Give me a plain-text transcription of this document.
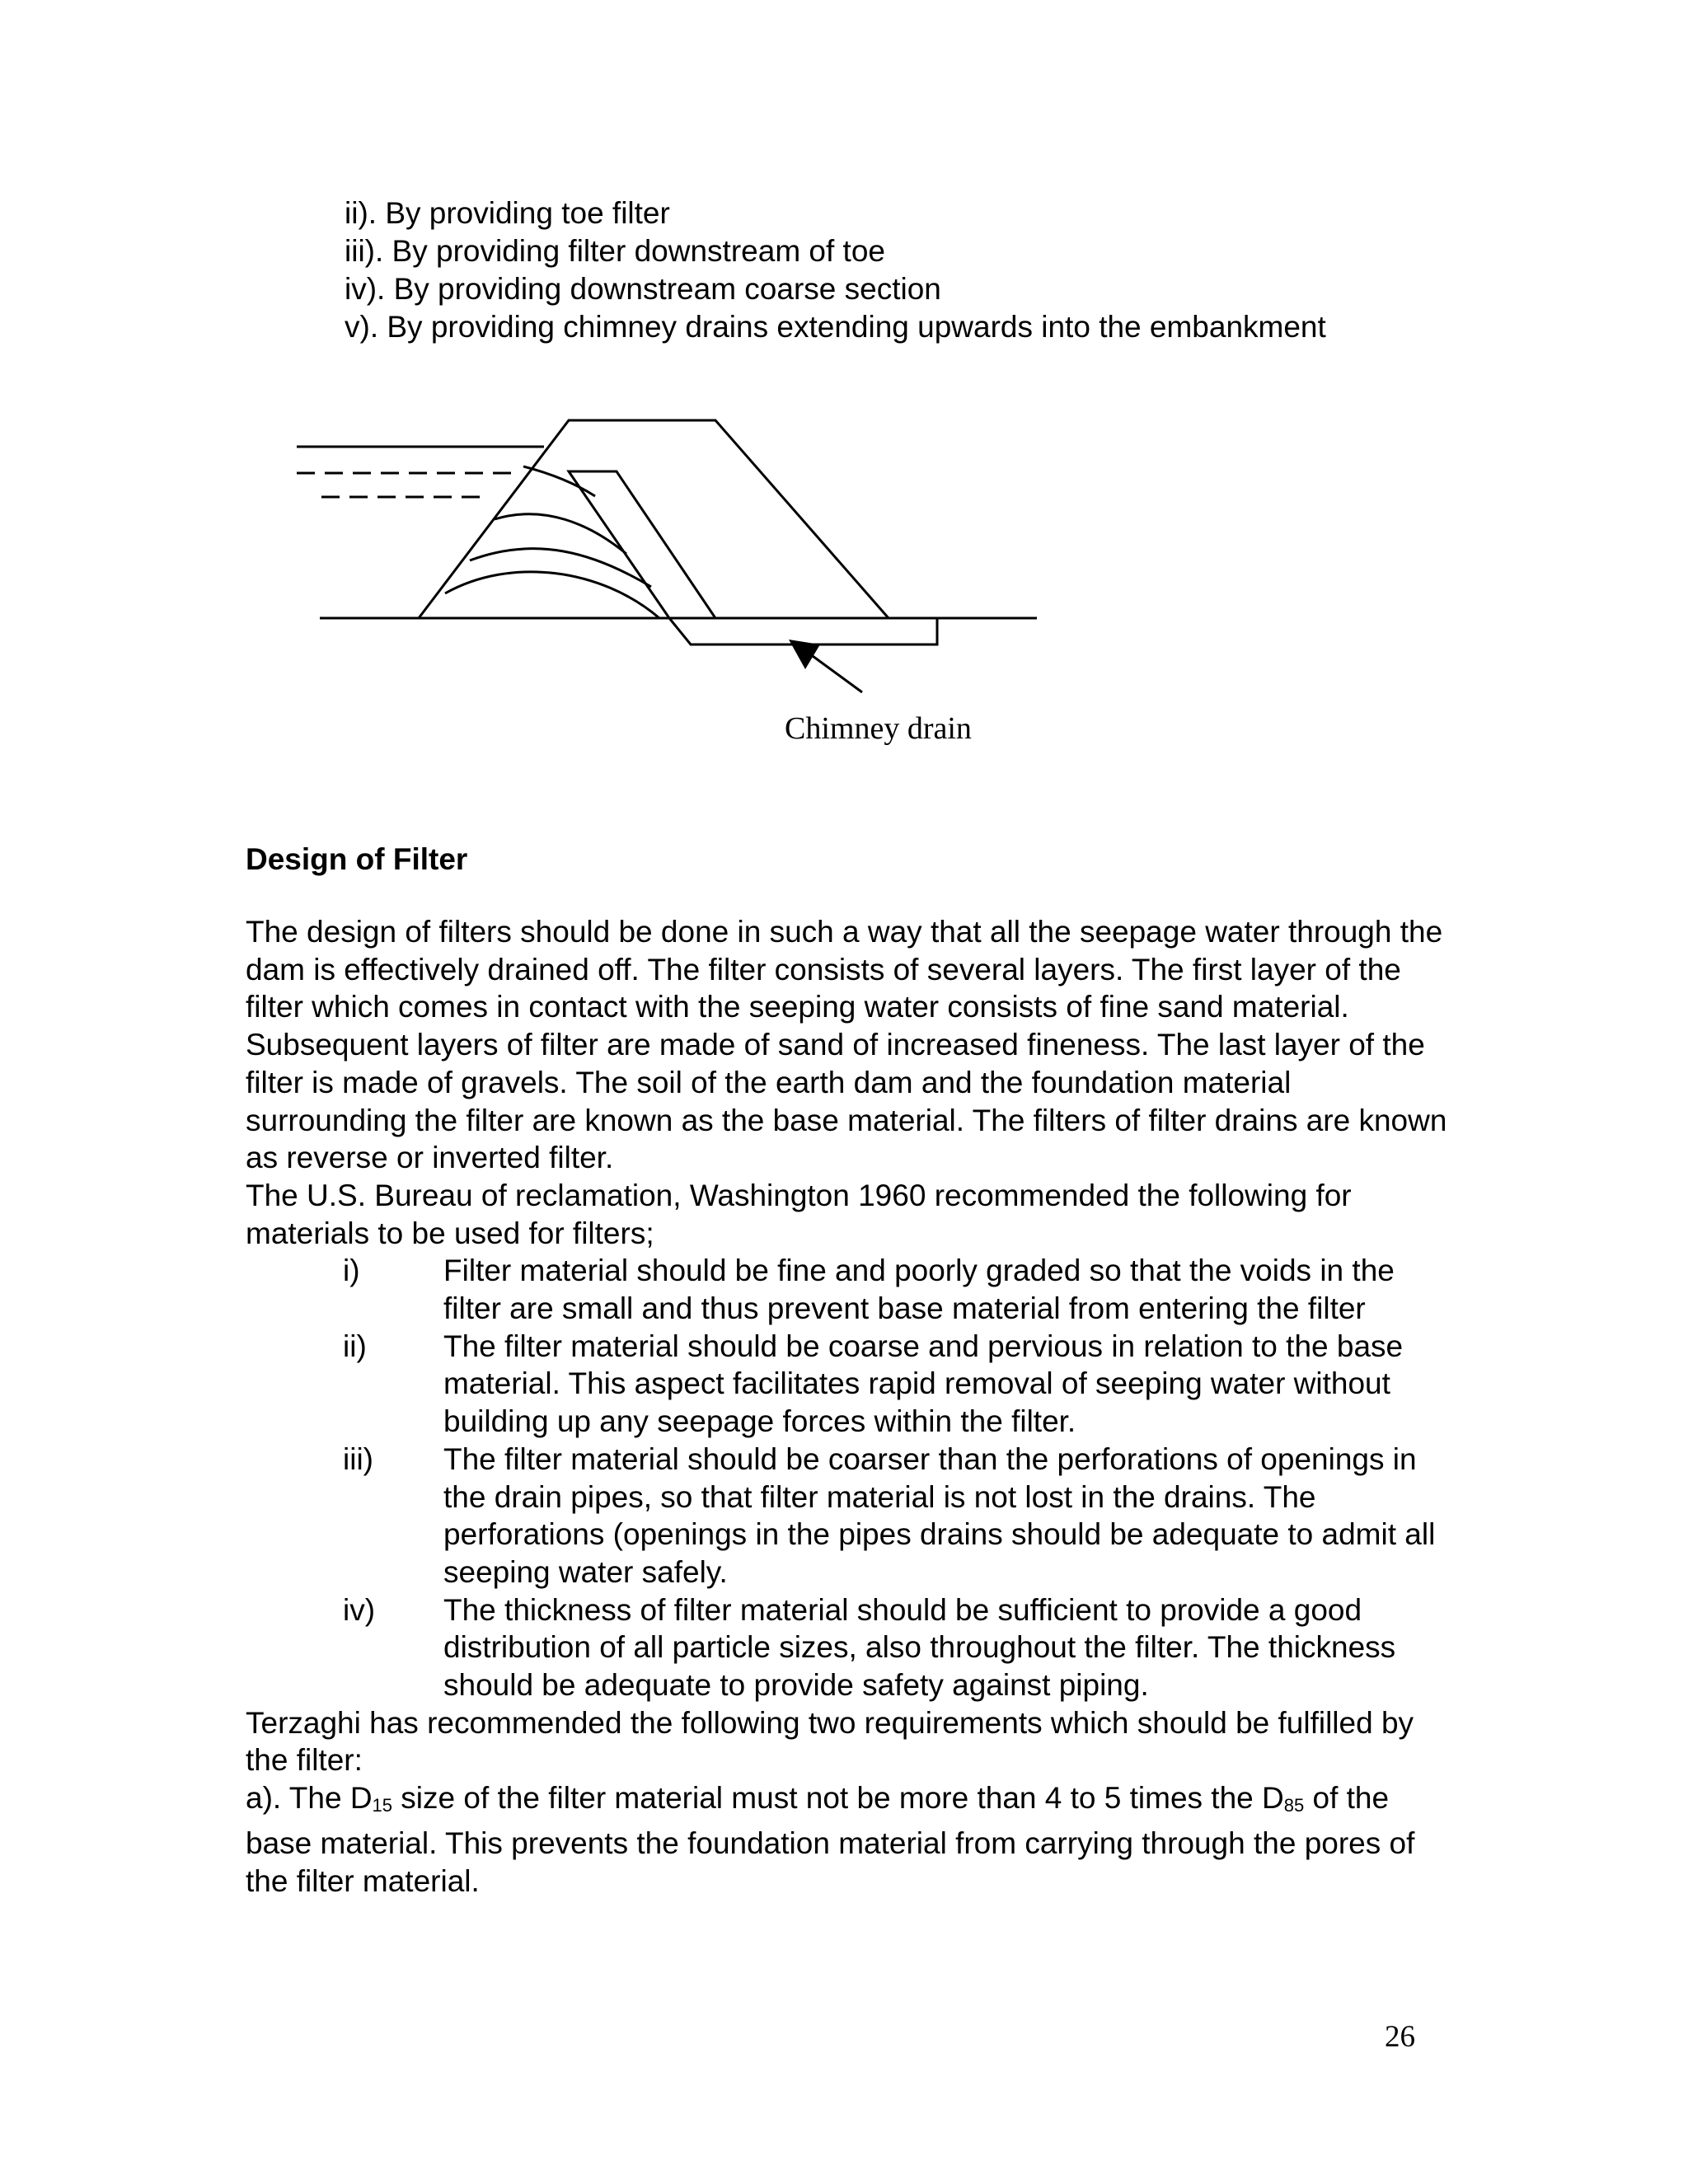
ii). By providing toe filter
iii). By providing filter downstream of toe
iv). By providing downstream coarse section
v). By providing chimney drains extending upwards into the embankment
Chimney drain
Design of Filter

The design of filters should be done in such a way that all the seepage water through the dam is effectively drained off. The filter consists of several layers. The first layer of the filter which comes in contact with the seeping water consists of fine sand material. Subsequent layers of filter are made of sand of increased fineness. The last layer of the filter is made of gravels. The soil of the earth dam and the foundation material surrounding the filter are known as the base material. The filters of filter drains are known as reverse or inverted filter.

The U.S. Bureau of reclamation, Washington 1960 recommended the following for materials to be used for filters;

i)	Filter material should be fine and poorly graded so that the voids in the filter are small and thus prevent base material from entering the filter
ii)	The filter material should be coarse and pervious in relation to the base material. This aspect facilitates rapid removal of seeping water without building up any seepage forces within the filter.
iii)	The filter material should be coarser than the perforations of openings in the drain pipes, so that filter material is not lost in the drains. The perforations (openings in the pipes drains should be adequate to admit all seeping water safely.
iv)	The thickness of filter material should be sufficient to provide a good distribution of all particle sizes, also throughout the filter. The thickness should be adequate to provide safety against piping.

Terzaghi has recommended the following two requirements which should be fulfilled by the filter:

a). The $D_{15}$ size of the filter material must not be more than 4 to 5 times the $D_{85}$ of the base material. This prevents the foundation material from carrying through the pores of the filter material.

26
